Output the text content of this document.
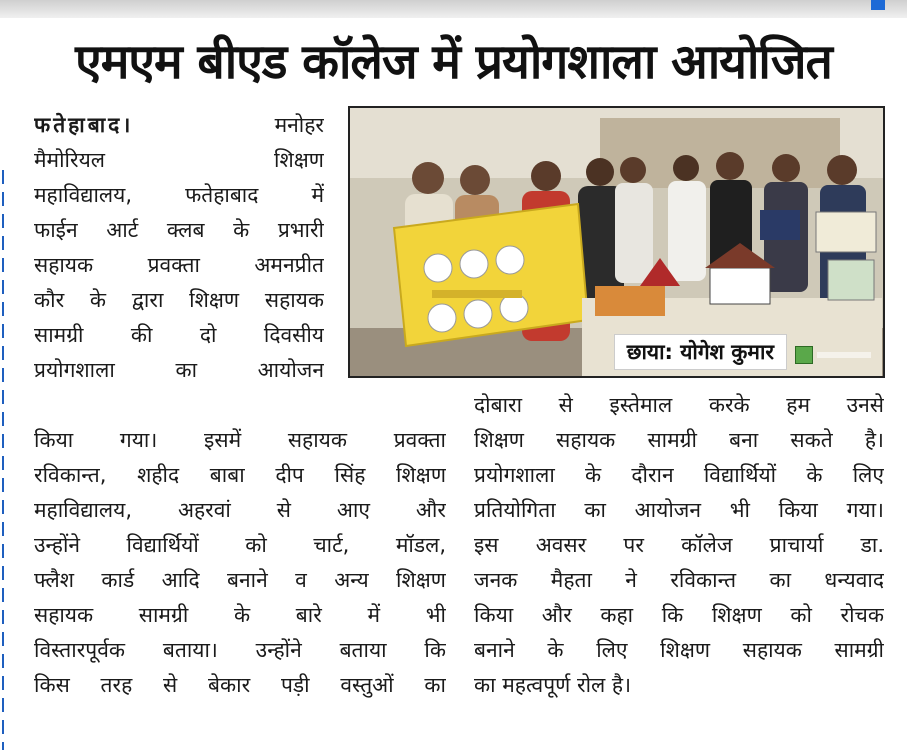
एमएम बीएड कॉलेज में प्रयोगशाला आयोजित
फतेहाबाद।	मनोहर
मैमोरियल शिक्षण
महाविद्यालय, फतेहाबाद में
फाईन आर्ट क्लब के प्रभारी
सहायक प्रवक्ता अमनप्रीत
कौर के द्वारा शिक्षण सहायक
सामग्री की दो दिवसीय
प्रयोगशाला का आयोजन
किया गया। इसमें सहायक प्रवक्ता
रविकान्त, शहीद बाबा दीप सिंह शिक्षण
महाविद्यालय, अहरवां से आए और
उन्होंने विद्यार्थियों को चार्ट, मॉडल,
फ्लैश कार्ड आदि बनाने व अन्य शिक्षण
सहायक सामग्री के बारे में भी
विस्तारपूर्वक बताया। उन्होंने बताया कि
किस तरह से बेकार पड़ी वस्तुओं का
दोबारा से इस्तेमाल करके हम उनसे
शिक्षण सहायक सामग्री बना सकते है।
प्रयोगशाला के दौरान विद्यार्थियों के लिए
प्रतियोगिता का आयोजन भी किया गया।
इस अवसर पर कॉलेज प्राचार्या डा.
जनक मैहता ने रविकान्त का धन्यवाद
किया और कहा कि शिक्षण को रोचक
बनाने के लिए शिक्षण सहायक सामग्री
का महत्वपूर्ण रोल है।
छाया: योगेश कुमार
